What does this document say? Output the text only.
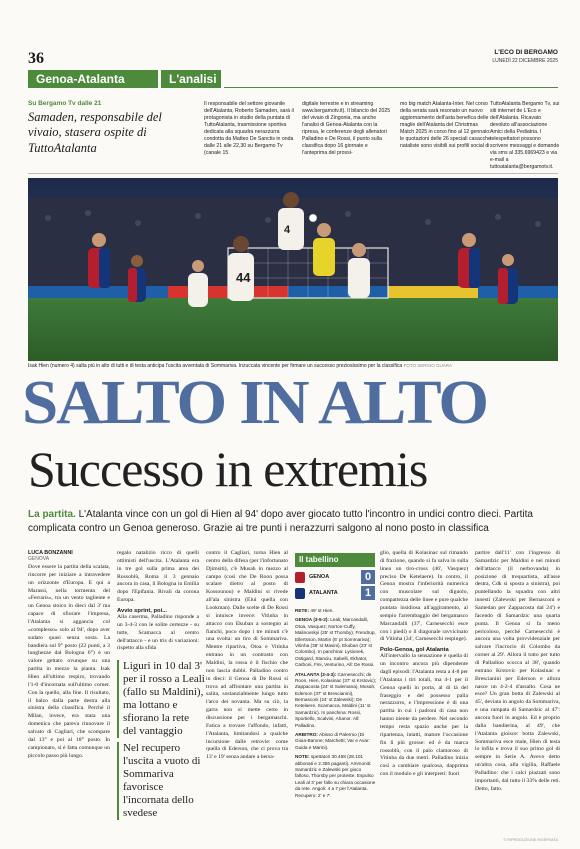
36	L'ECO DI BERGAMO
LUNEDÌ 22 DICEMBRE 2025
Genoa-Atalanta	L'analisi
Su Bergamo Tv dalle 21
Samaden, responsabile del vivaio, stasera ospite di TuttoAtalanta
Il responsabile del settore giovanile dell'Atalanta, Roberto Samaden, sarà il protagonista in studio della puntata di TuttoAtalanta, trasmissione sportiva dedicata alla squadra nerazzurra condotta da Matteo De Sanctis in onda dalle 21 alle 22,30 su Bergamo Tv (canale 15
digitale terrestre e in streaming www.bergamotv.it). Il bilancio del 2025 del vivaio di Zingonia, ma anche l'analisi di Genoa-Atalanta con la ripresa, le conferenze degli allenatori Palladino e De Rossi, il punto sulla classifica dopo 16 giornate e l'anteprima del prossi-
mo big match Atalanta-Inter. Nel corso della serata sarà resonato un nuovo aggiornamento dell'asta benefica delle maglie dell'Atalanta del Christmas Match 2025 in corso fino al 12 gennaio: le quotazioni delle 26 speciali casacche nataliste sono visibili sui profili social di
TuttoAtalanta Bergamo Tv, sui siti internet de L'Eco e dell'Atalanta. Ricavato devoluto all'associazione Amici della Pediatria. I telespettatori possono scrivere messaggi e domande via sms al 335.6969423 e via e-mail a tuttoatalanta@bergamotv.it.
44
4
Isak Hien (numero 4) salta più in alto di tutti e di testa anticipa l'uscita avventata di Sommariva. Inzuccata vincente per firmare un successo preziosissimo per la classifica FOTO SERGIO GUARA
SALTO IN ALTO
Successo in extremis
La partita. L'Atalanta vince con un gol di Hien al 94' dopo aver giocato tutto l'incontro in undici contro dieci. Partita complicata contro un Genoa generoso. Grazie ai tre punti i nerazzurri salgono al nono posto in classifica
LUCA BONZANNI
GENOVA
Dove essere la partita della scalata, rincorre per iniziare a intravedere un orizzonte d'Europa. E qui a Marassi, nella tormenta del «Ferraris», tra un vento tagliente e un Genoa stoico in dieci dal 3' ma capace di sfiorare l'impresa, l'Atalanta si aggancia col «complesso» solo al 94', dopo aver sudato quasi senza sosta. La bandiera sul 9° posto (22 punti, a 3 lunghezze dal Bologna 6°) è un valore gettato ovunque su una partita in mezzo la pianta. Isak Hien all'ultimo respiro, trovando l'1-0 d'incornata sull'ultimo corner. Con la quello, alla fine. Il risultato, il balzo dalla parte destra alla sinistra della classifica. Perché il Milan, invece, era stata una domenica che pareva rinnovare il salvato di Cagliari, che scompare dal 13° e poi al 18° posto. In campionato, si è fatta comunque un piccolo passo più lungo.
regalo natalizio ricco di quelli ottimisti dell'uscita. L'Atalanta era in tre gol sulla prima area dei Rossoblù, Roma il 3 gennaio ancora in casa, il Bologna in Emilia dopo l'Epifania. Rivali da corona Europa.
Avvio sprint, poi...
Alla caserma, Palladino risponde a un 3-4-3 con le solite certezze - su tutte, Scamacca al centro dell'attacco - e un tris di variazioni: rispetto alla sfida
Liguri in 10 dal 3' per il rosso a Leali (fallo su Maldini), ma lottano e sfiorano la rete del vantaggio
Nel recupero l'uscita a vuoto di Sommariva favorisce l'incornata dello svedese
contro il Cagliari, torna Hien al centro della difesa (per l'infortunato Djimsiti), c'è Musah in mezzo al campo (così che De Roon possa scalare dietro al posto di Kossounou) e Maldini si rivede all'ala sinistra (Elui quella con Lookman). Dalle scelte di De Rossi si intuisce invece: Vitinha in attacco con Ekuban a sostegno ai fianchi, poco dopo i tre minuti c'è una svolta: un tiro di Sommariva. Mentre ripartiva, Otoa e Vitinha entrano in un contrasto con Maldini, la rossa è il fischio che non lascia dubbi. Palladino contro in dieci: il Genoa di De Rossi si trova ad affrontare una partita in salita, sostanzialmente lungo tutto l'arco dei novanta. Ma su ciò, la garra non si mette certo in discussione per i bergamaschi. Fatica a trovare l'affondo, infatti, l'Atalanta, limitandosi a qualche incursione dalle retrovie: come quella di Ederson, che ci prova tra 13' e 19' senza andare a bersa-
Il tabellino
GENOA	0
ATALANTA	1

RETE: 49' st Hien.

GENOA (3-5-2): Leali; Marcandalli, Otoa, Vasquez; Norton-Cuffy, Malinovskyi (25' st Thorsby), Frendrup, Ellertsson, Martin (6' pt Sommariva); Vitinha (38' st Masini), Ekuban (23' st Colombo). In panchina: Lysionek, Ostigard, Stanciu, Sabelli, Ekhator, Carboni, Fini, Venturino, All: De Rossi.

ATALANTA (3-4-3): Carnesecchi; de Roon, Hien, Kolasinac (37' st Krstovic); Zappacosta (24' st Sulemana), Musah, Ederson (37' st Brescianini), Bernasconi (24' st Zalewski); De Ketelaere, Scamacca, Maldini (11' st Samardzic). In panchina: Rossi, Sportiello, Scalvini, Ahanor. All: Palladino.

ARBITRO: Abisso di Palermo (Di Gioia-Barone; Marchetti; Var e Avar: Guida e Marini).

NOTE: spettatori 30.458 (28.101 abbonati e 2.356 paganti). Ammoniti: Samardzic e Zalewski per gioco falloso, Thorsby per proteste. Espulso Leali al 3' per fallo su chiara occasione da rete. Angoli: 4 a 7 per l'Atalanta. Recupero: 2' e 7'.

glio, quella di Kolasinac sul rimando di frazione, quando si fa salva in sulla linea un tiro-cross (46', Vasquez) preciso De Ketelaere). In contro, il Genoa mostra l'inferiorità numerica con muscolare sul diguolo, compattezza delle linee e pure qualche puntata insidiosa all'aggiramento, al sempio l'arrembaggio del bergamasco Marcandalli (37', Carnesecchi esce con i piedi) o il diagonale ravvicinato di Vitinha (34', Carnesecchi respinge).
Polo-Genoa, gol Atalanta
All'intervallo la sensazione è quella di un incontro ancora più dipendente dagli episodi: l'Atalanta resta a 4-8 per l'Atalanta i tiri totali, ma 4-1 per il Genoa quelli in porta, al di là del fraseggio e del possesso palla nerazzurro, e l'impressione è di una partita in cui i padroni di casa non hanno niente da perdere. Nel secondo tempo resta spazio anche per la ripartenza, intatti, mature l'occasione fin lì più grosse: ed è da marca rossoblù, con il palo clamoroso di Vitinha da due metri. Palladino inizia così a cambiare qualcosa, dapprima con il modulo e gli interpreti: fuori
partire dall'11' con l'ingresso di Samardzic per Maldini e nei minuti dell'attacco (il nerbovanda) in posizione di trequartista, all'asse destra, Cdk si sposta a sinistra), poi puntellando la squadra con altri innesti (Zalewski per Bernasconi e Samedan per Zappacosta dal 24') e facendo di Samardzic una quarta punta. Il Genoa si fa meno pericoloso, perché Carnesecchi è ancora una volta provvidenziale per salvare l'incrocio di Colombo da corner al 29'. Allora il tutto per tutto di Palladino scocca al 38', quando entrano Krstovic per Kolasinac e Brescianini per Ederson e allora nasce un 4-2-4 d'assalto. Cosa ne esce? Un gran botta di Zalewski al 45', deviata in angolo da Sommariva, e una rampata di Samardzic al 47': ancora fuori in angolo. Ed è proprio dalla bandierina, al 49', che l'Atalanta gioisce: botta Zalewski, Sommariva esce male, Hien di testa lo infila e trova il suo primo gol di sempre in Serie A. Avevo detto un'altra cosa, alla vigilia, Raffaele Palladino: che i calci piazzati sono importanti, dal tutto il 33% delle reti. Detto, fatto.
© RIPRODUZIONE RISERVATA
